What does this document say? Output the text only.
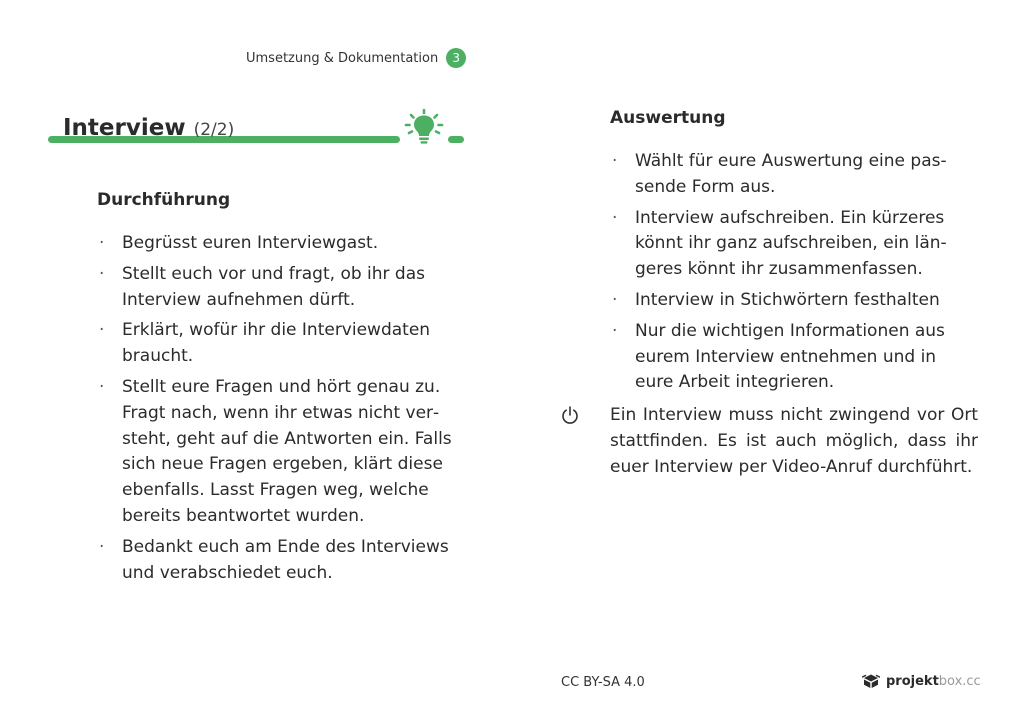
Umsetzung & Dokumentation	3
Interview (2/2)
Durchführung
· Begrüsst euren Interviewgast.
· Stellt euch vor und fragt, ob ihr das Interview aufnehmen dürft.
· Erklärt, wofür ihr die Interviewdaten braucht.
· Stellt eure Fragen und hört genau zu. Fragt nach, wenn ihr etwas nicht versteht, geht auf die Antworten ein. Falls sich neue Fragen ergeben, klärt diese ebenfalls. Lasst Fragen weg, welche bereits beantwortet wurden.
· Bedankt euch am Ende des Interviews und verabschiedet euch.
Auswertung
· Wählt für eure Auswertung eine passende Form aus.
· Interview aufschreiben. Ein kürzeres könnt ihr ganz aufschreiben, ein längeres könnt ihr zusammenfassen.
· Interview in Stichwörtern festhalten
· Nur die wichtigen Informationen aus eurem Interview entnehmen und in eure Arbeit integrieren.

Ein Interview muss nicht zwingend vor Ort stattfinden. Es ist auch möglich, dass ihr euer Interview per Video-Anruf durchführt.

CC BY-SA 4.0	projektbox.cc
